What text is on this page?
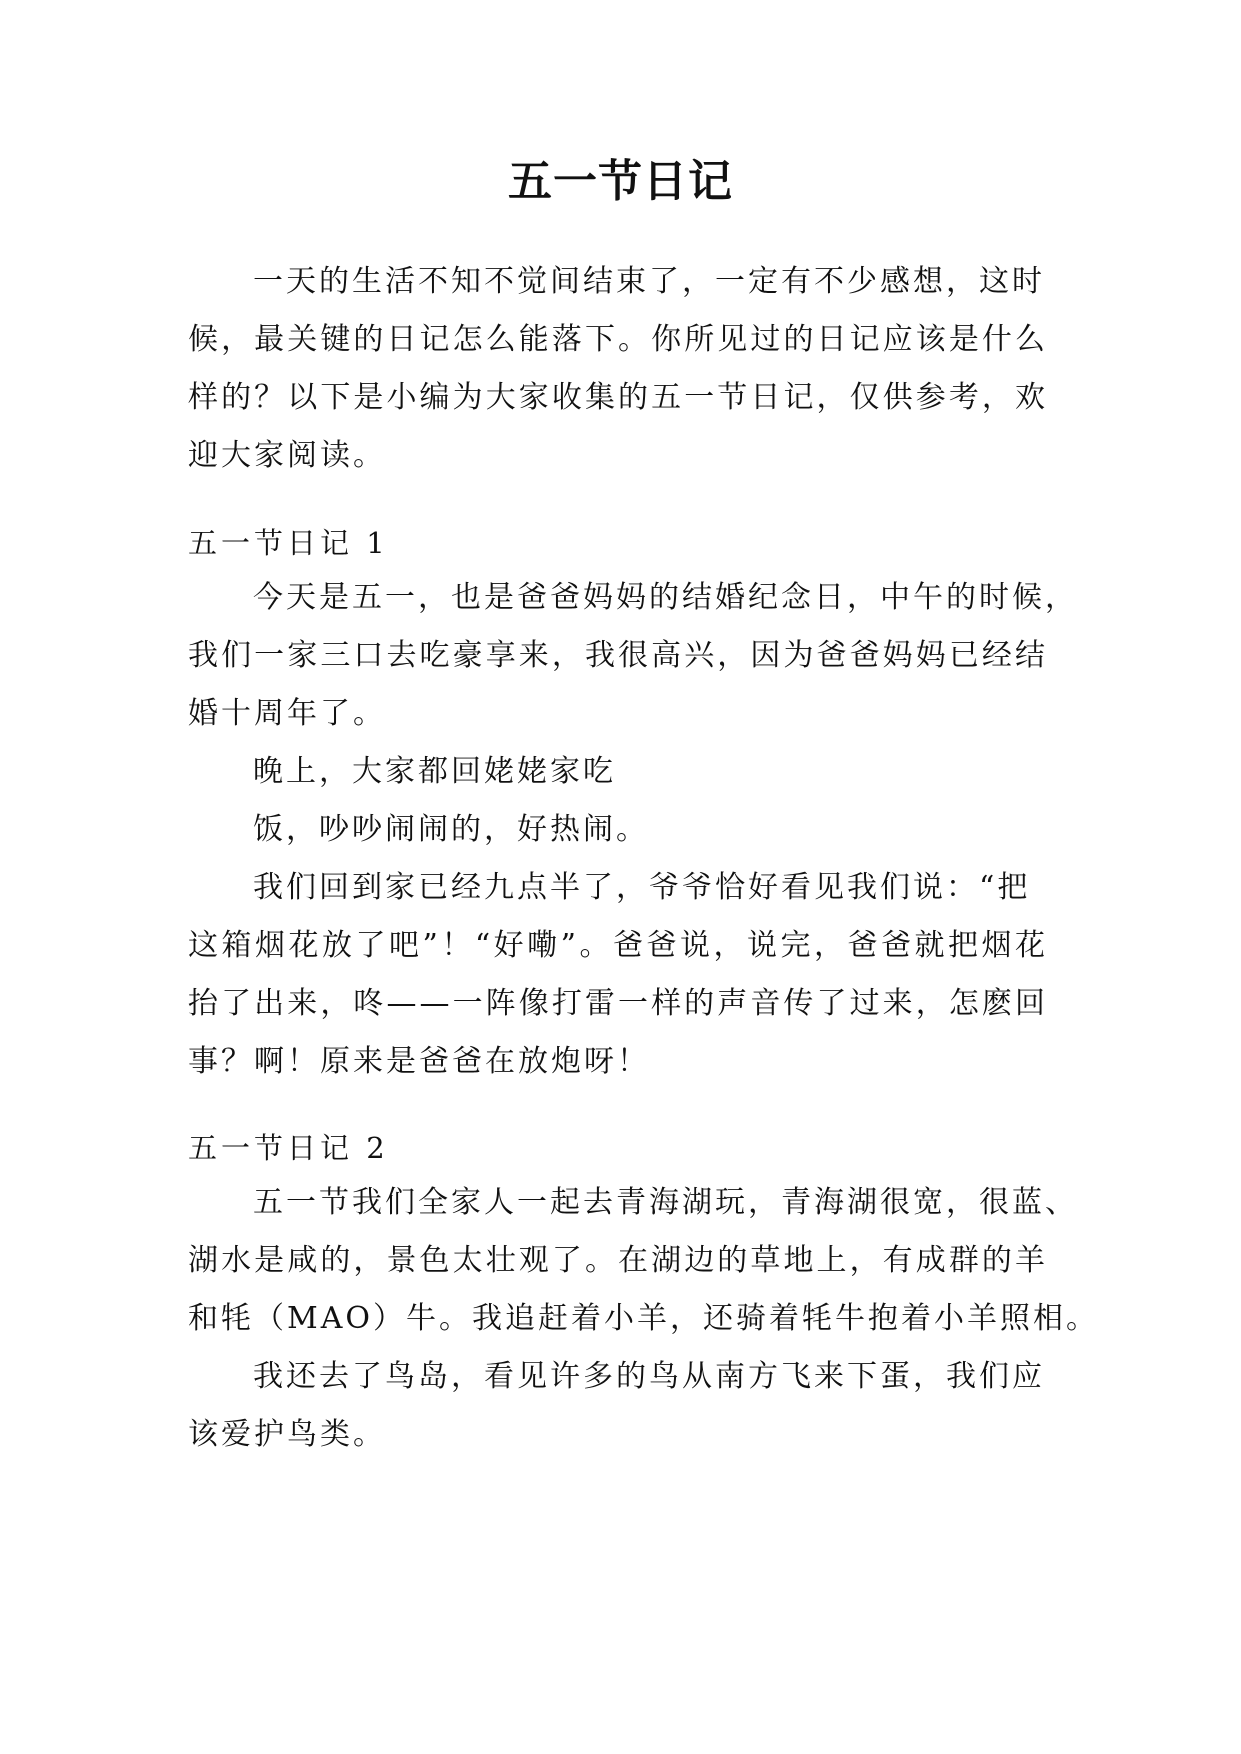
五一节日记
一天的生活不知不觉间结束了，一定有不少感想，这时
候，最关键的日记怎么能落下。你所见过的日记应该是什么
样的？以下是小编为大家收集的五一节日记，仅供参考，欢
迎大家阅读。
五一节日记 1
今天是五一，也是爸爸妈妈的结婚纪念日，中午的时候，
我们一家三口去吃豪享来，我很高兴，因为爸爸妈妈已经结
婚十周年了。
晚上，大家都回姥姥家吃
饭，吵吵闹闹的，好热闹。
我们回到家已经九点半了，爷爷恰好看见我们说：“把
这箱烟花放了吧”！“好嘞”。爸爸说，说完，爸爸就把烟花
抬了出来，咚——一阵像打雷一样的声音传了过来，怎麽回
事？啊！原来是爸爸在放炮呀！
五一节日记 2
五一节我们全家人一起去青海湖玩，青海湖很宽，很蓝、
湖水是咸的，景色太壮观了。在湖边的草地上，有成群的羊
和牦（MAO）牛。我追赶着小羊，还骑着牦牛抱着小羊照相。
我还去了鸟岛，看见许多的鸟从南方飞来下蛋，我们应
该爱护鸟类。
